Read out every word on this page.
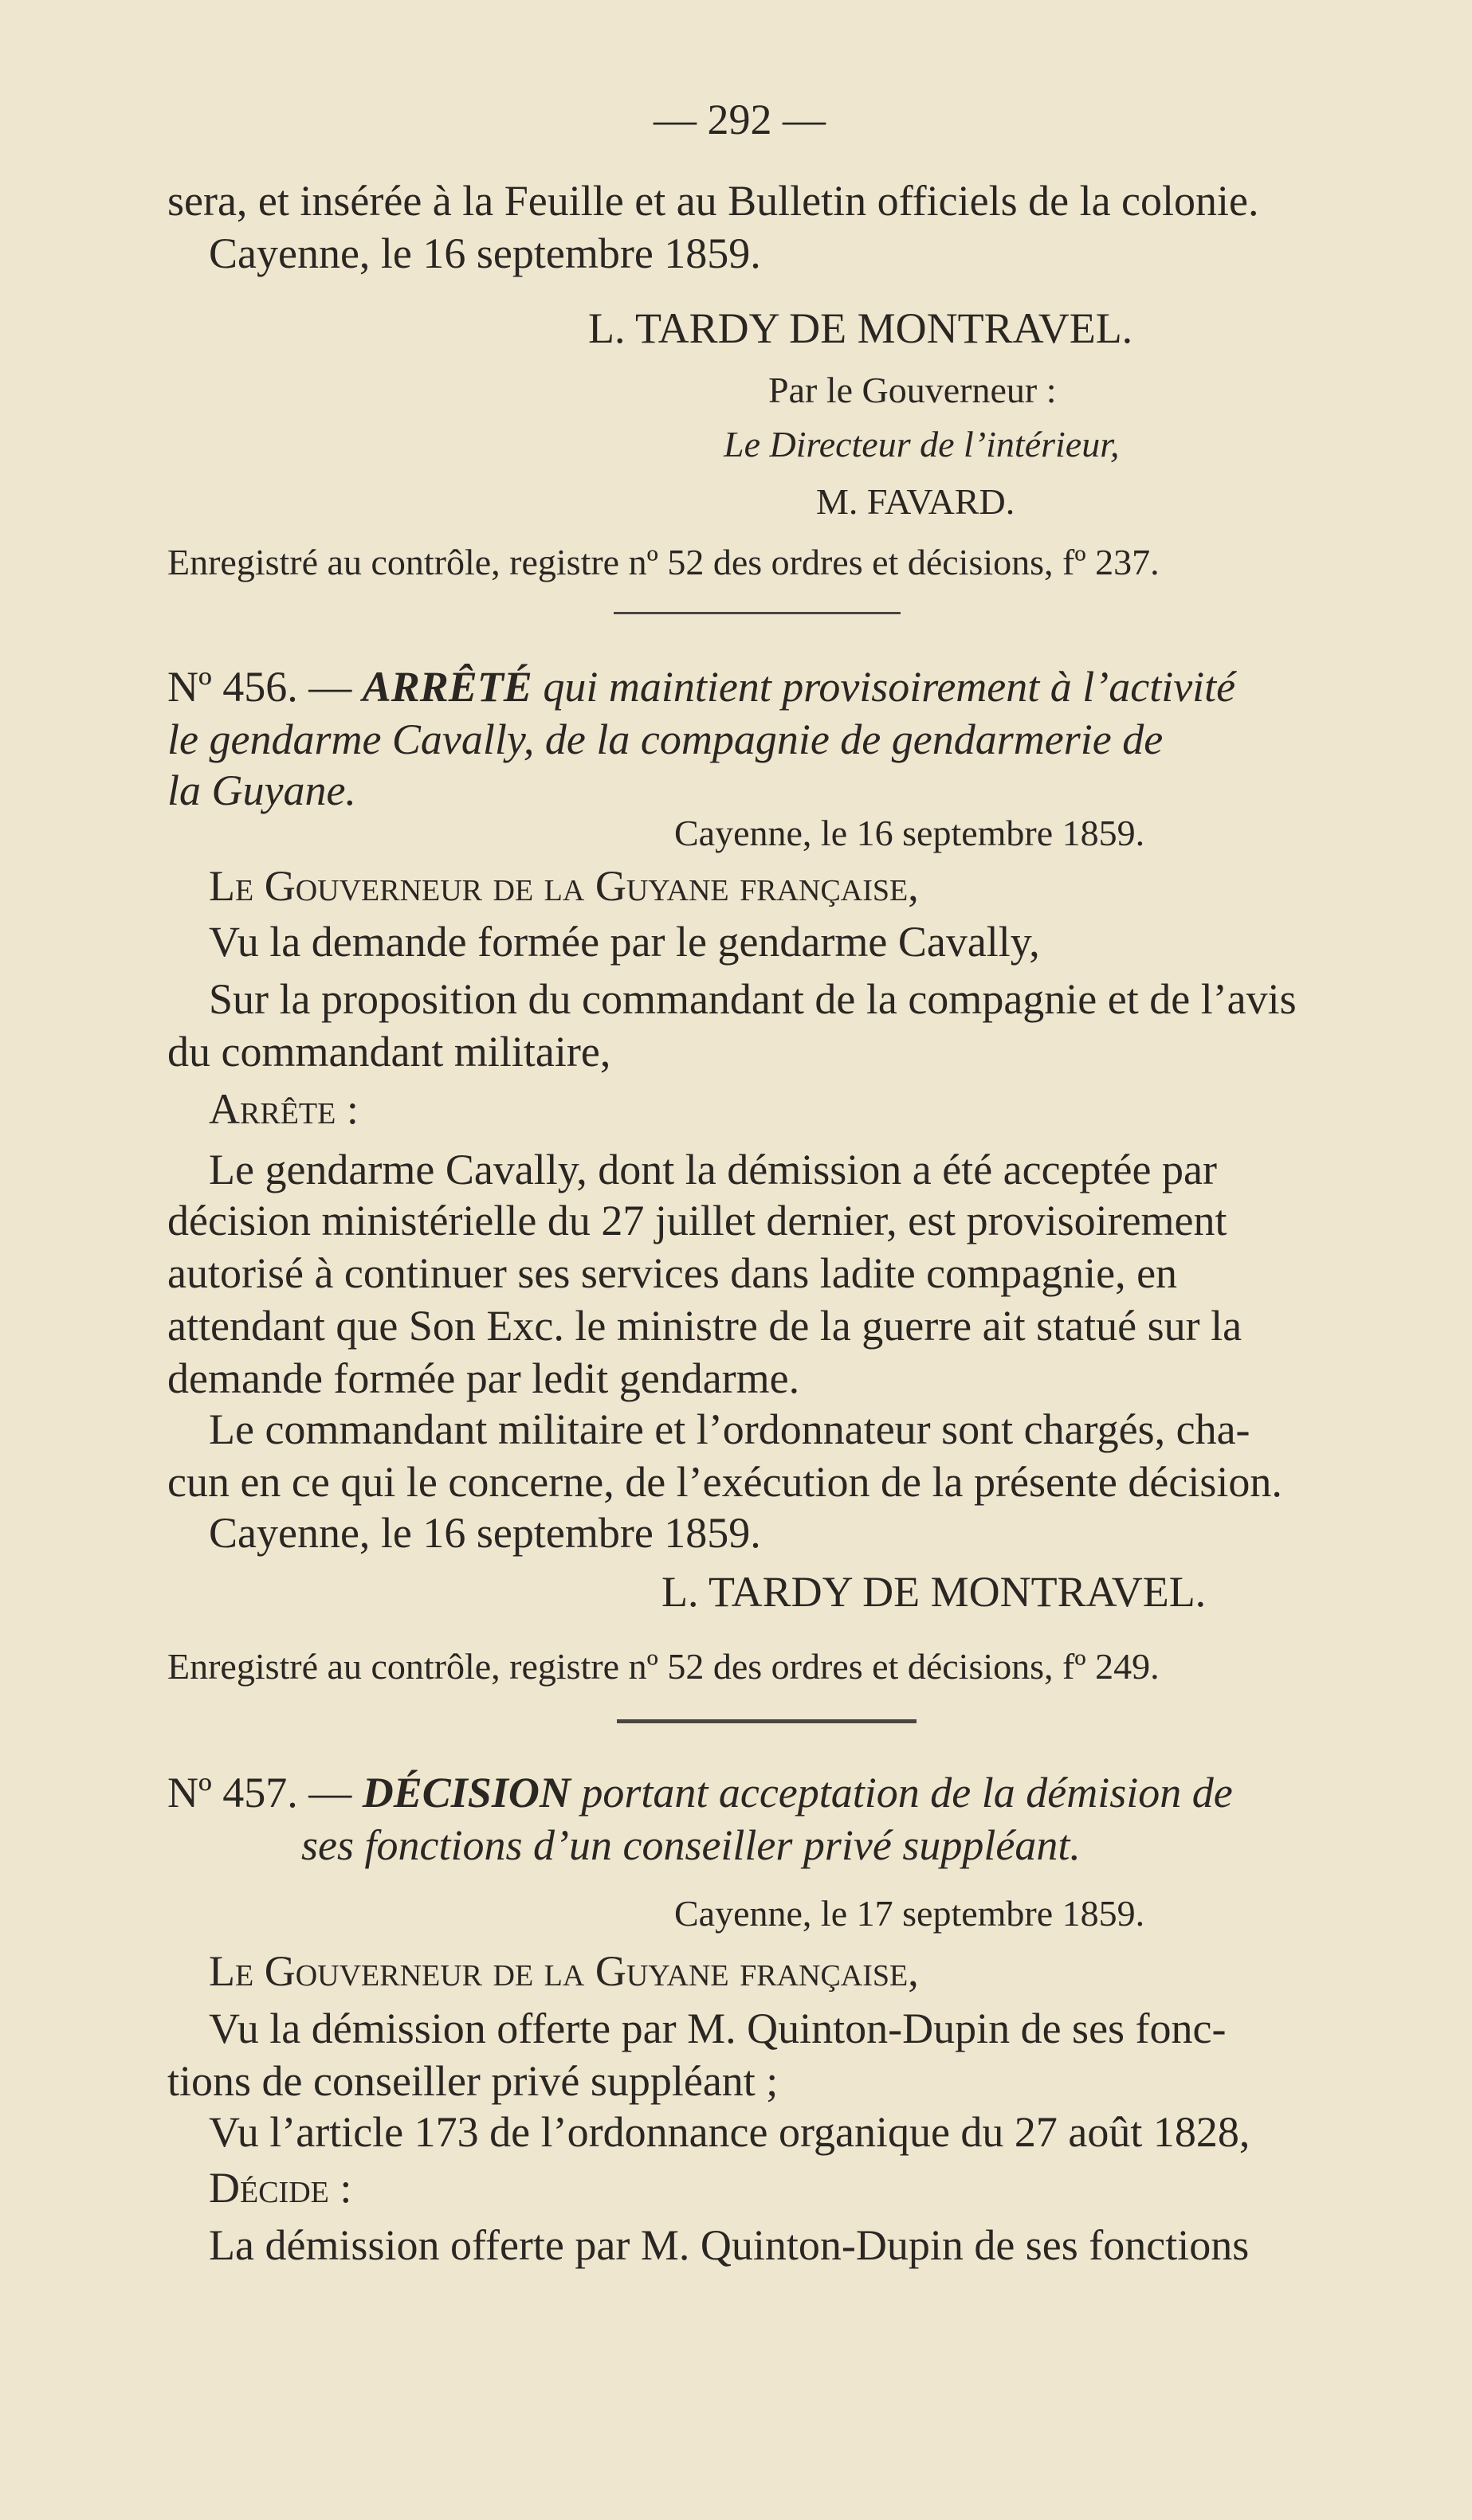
— 292 —
sera, et insérée à la Feuille et au Bulletin officiels de la colonie.
Cayenne, le 16 septembre 1859.
L. TARDY DE MONTRAVEL.
Par le Gouverneur :
Le Directeur de l’intérieur,
M. FAVARD.
Enregistré au contrôle, registre nº 52 des ordres et décisions, fº 237.
Nº 456. — ARRÊTÉ qui maintient provisoirement à l’activité
le gendarme Cavally, de la compagnie de gendarmerie de
la Guyane.
Cayenne, le 16 septembre 1859.
Le Gouverneur de la Guyane française,
Vu la demande formée par le gendarme Cavally,
Sur la proposition du commandant de la compagnie et de l’avis
du commandant militaire,
Arrête :
Le gendarme Cavally, dont la démission a été acceptée par
décision ministérielle du 27 juillet dernier, est provisoirement
autorisé à continuer ses services dans ladite compagnie, en
attendant que Son Exc. le ministre de la guerre ait statué sur la
demande formée par ledit gendarme.
Le commandant militaire et l’ordonnateur sont chargés, cha-
cun en ce qui le concerne, de l’exécution de la présente décision.
Cayenne, le 16 septembre 1859.
L. TARDY DE MONTRAVEL.
Enregistré au contrôle, registre nº 52 des ordres et décisions, fº 249.
Nº 457. — DÉCISION portant acceptation de la démision de
ses fonctions d’un conseiller privé suppléant.
Cayenne, le 17 septembre 1859.
Le Gouverneur de la Guyane française,
Vu la démission offerte par M. Quinton-Dupin de ses fonc-
tions de conseiller privé suppléant ;
Vu l’article 173 de l’ordonnance organique du 27 août 1828,
Décide :
La démission offerte par M. Quinton-Dupin de ses fonctions
